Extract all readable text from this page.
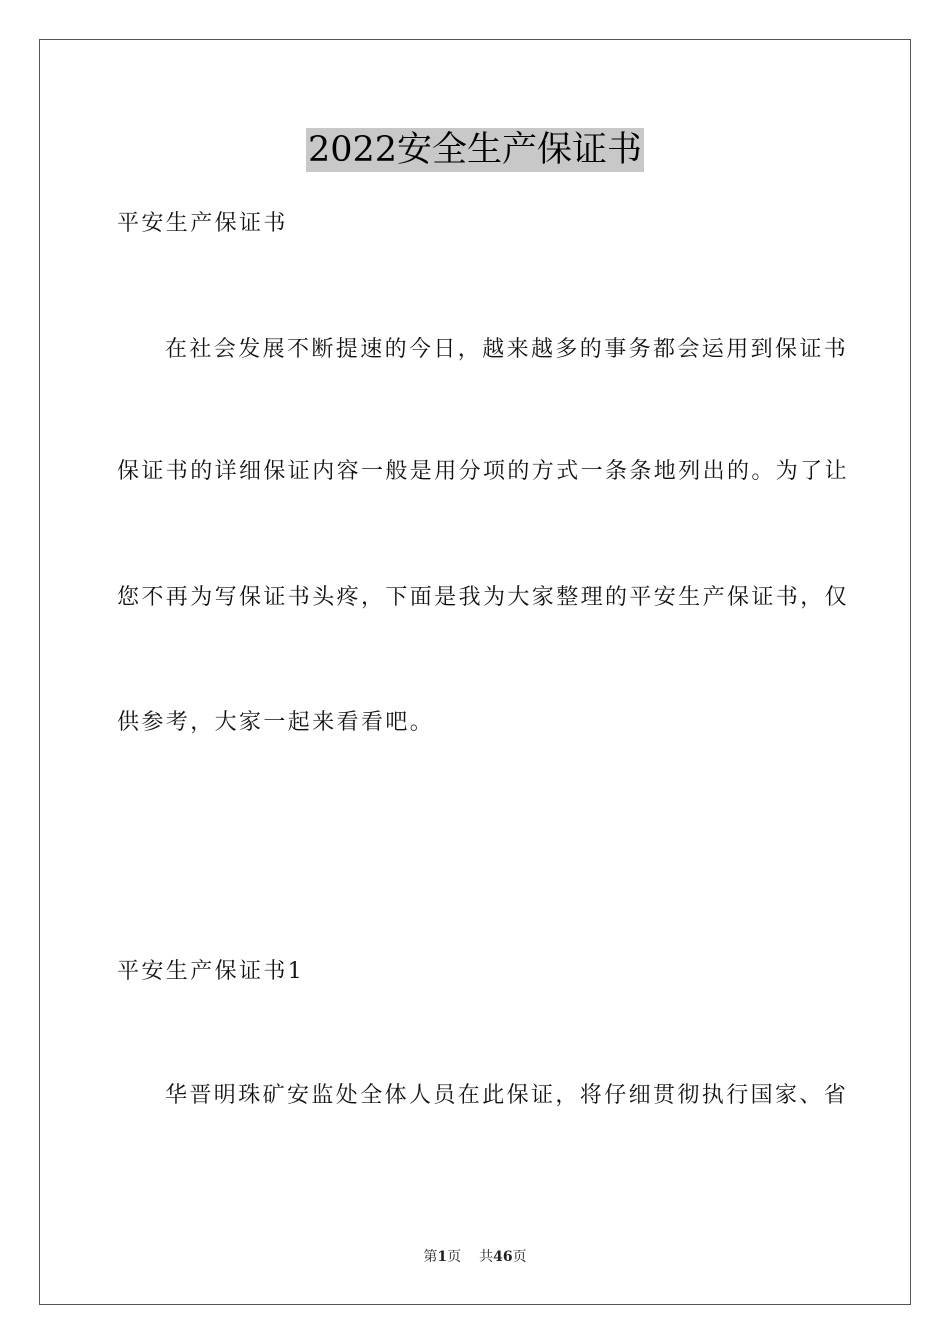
2022安全生产保证书
平安生产保证书
在社会发展不断提速的今日，越来越多的事务都会运用到保证书
保证书的详细保证内容一般是用分项的方式一条条地列出的。为了让
您不再为写保证书头疼，下面是我为大家整理的平安生产保证书，仅
供参考，大家一起来看看吧。
平安生产保证书1
华晋明珠矿安监处全体人员在此保证，将仔细贯彻执行国家、省
第1页 共46页
